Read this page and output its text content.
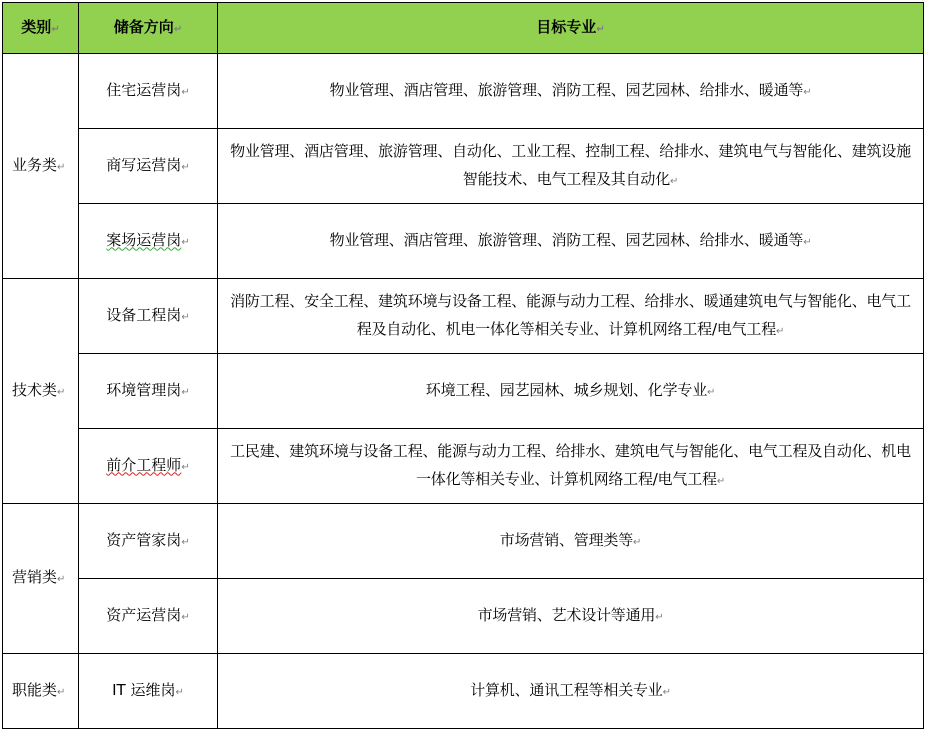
类别↵	储备方向↵	目标专业↵
业务类↵	住宅运营岗↵	物业管理、酒店管理、旅游管理、消防工程、园艺园林、给排水、暖通等↵
	商写运营岗↵	物业管理、酒店管理、旅游管理、自动化、工业工程、控制工程、给排水、建筑电气与智能化、建筑设施智能技术、电气工程及其自动化↵
	案场运营岗↵	物业管理、酒店管理、旅游管理、消防工程、园艺园林、给排水、暖通等↵
技术类↵	设备工程岗↵	消防工程、安全工程、建筑环境与设备工程、能源与动力工程、给排水、暖通建筑电气与智能化、电气工程及自动化、机电一体化等相关专业、计算机网络工程/电气工程↵
	环境管理岗↵	环境工程、园艺园林、城乡规划、化学专业↵
	前介工程师↵	工民建、建筑环境与设备工程、能源与动力工程、给排水、建筑电气与智能化、电气工程及自动化、机电一体化等相关专业、计算机网络工程/电气工程↵
营销类↵	资产管家岗↵	市场营销、管理类等↵
	资产运营岗↵	市场营销、艺术设计等通用↵
职能类↵	IT 运维岗↵	计算机、通讯工程等相关专业↵
